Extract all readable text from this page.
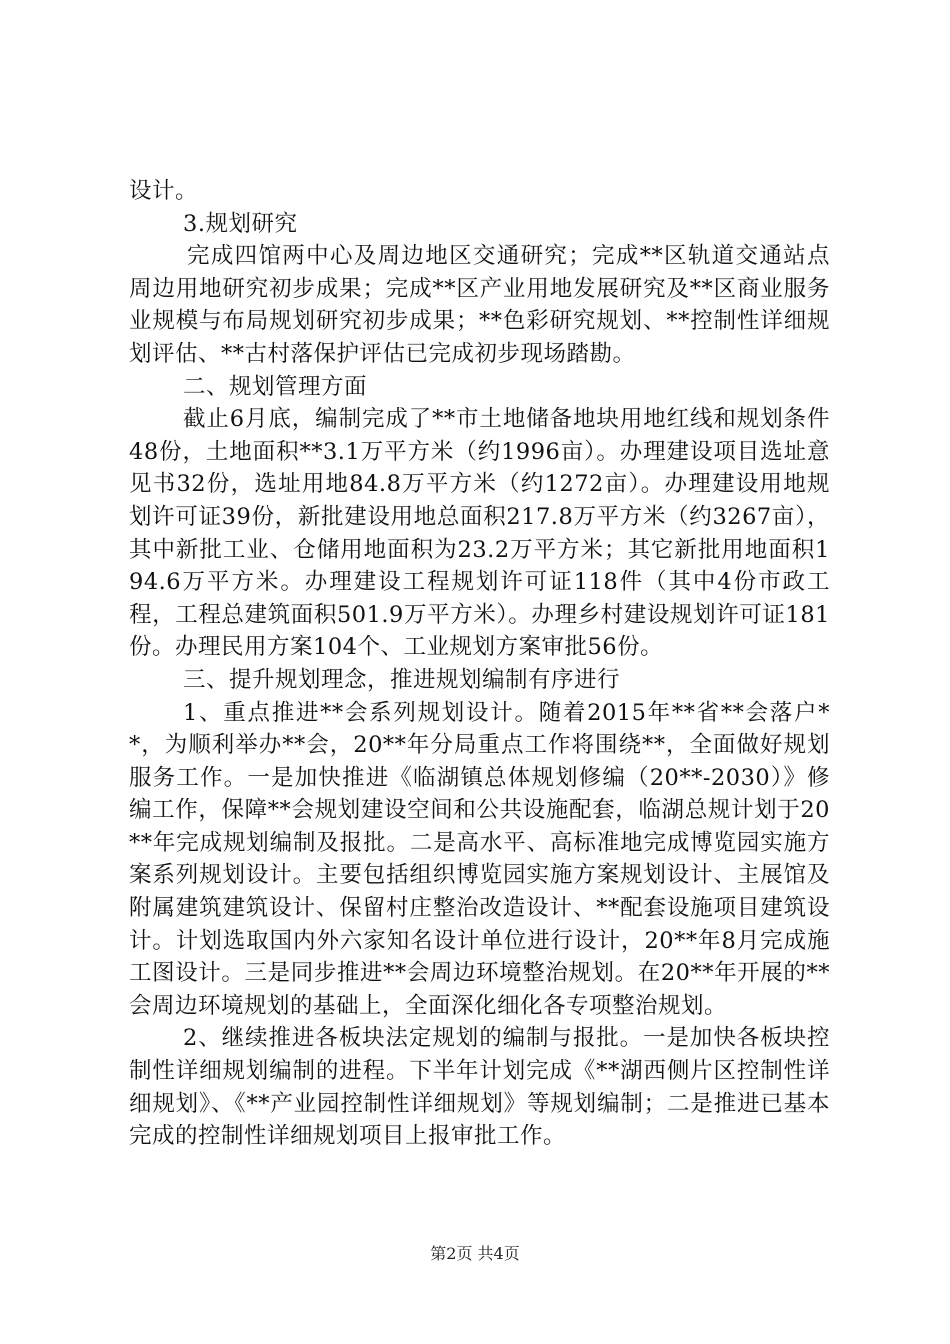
设计。

3.规划研究

完成四馆两中心及周边地区交通研究；完成**区轨道交通站点周边用地研究初步成果；完成**区产业用地发展研究及**区商业服务业规模与布局规划研究初步成果；**色彩研究规划、**控制性详细规划评估、**古村落保护评估已完成初步现场踏勘。

二、规划管理方面

截止6月底，编制完成了**市土地储备地块用地红线和规划条件48份，土地面积**3.1万平方米（约1996亩）。办理建设项目选址意见书32份，选址用地84.8万平方米（约1272亩）。办理建设用地规划许可证39份，新批建设用地总面积217.8万平方米（约3267亩），其中新批工业、仓储用地面积为23.2万平方米；其它新批用地面积194.6万平方米。办理建设工程规划许可证118件（其中4份市政工程，工程总建筑面积501.9万平方米）。办理乡村建设规划许可证181份。办理民用方案104个、工业规划方案审批56份。

三、提升规划理念，推进规划编制有序进行

1、重点推进**会系列规划设计。随着2015年**省**会落户**，为顺利举办**会，20**年分局重点工作将围绕**，全面做好规划服务工作。一是加快推进《临湖镇总体规划修编（20**-2030）》修编工作，保障**会规划建设空间和公共设施配套，临湖总规计划于20**年完成规划编制及报批。二是高水平、高标准地完成博览园实施方案系列规划设计。主要包括组织博览园实施方案规划设计、主展馆及附属建筑建筑设计、保留村庄整治改造设计、**配套设施项目建筑设计。计划选取国内外六家知名设计单位进行设计，20**年8月完成施工图设计。三是同步推进**会周边环境整治规划。在20**年开展的**会周边环境规划的基础上，全面深化细化各专项整治规划。

2、继续推进各板块法定规划的编制与报批。一是加快各板块控制性详细规划编制的进程。下半年计划完成《**湖西侧片区控制性详细规划》、《**产业园控制性详细规划》等规划编制；二是推进已基本完成的控制性详细规划项目上报审批工作。

第2页 共4页
